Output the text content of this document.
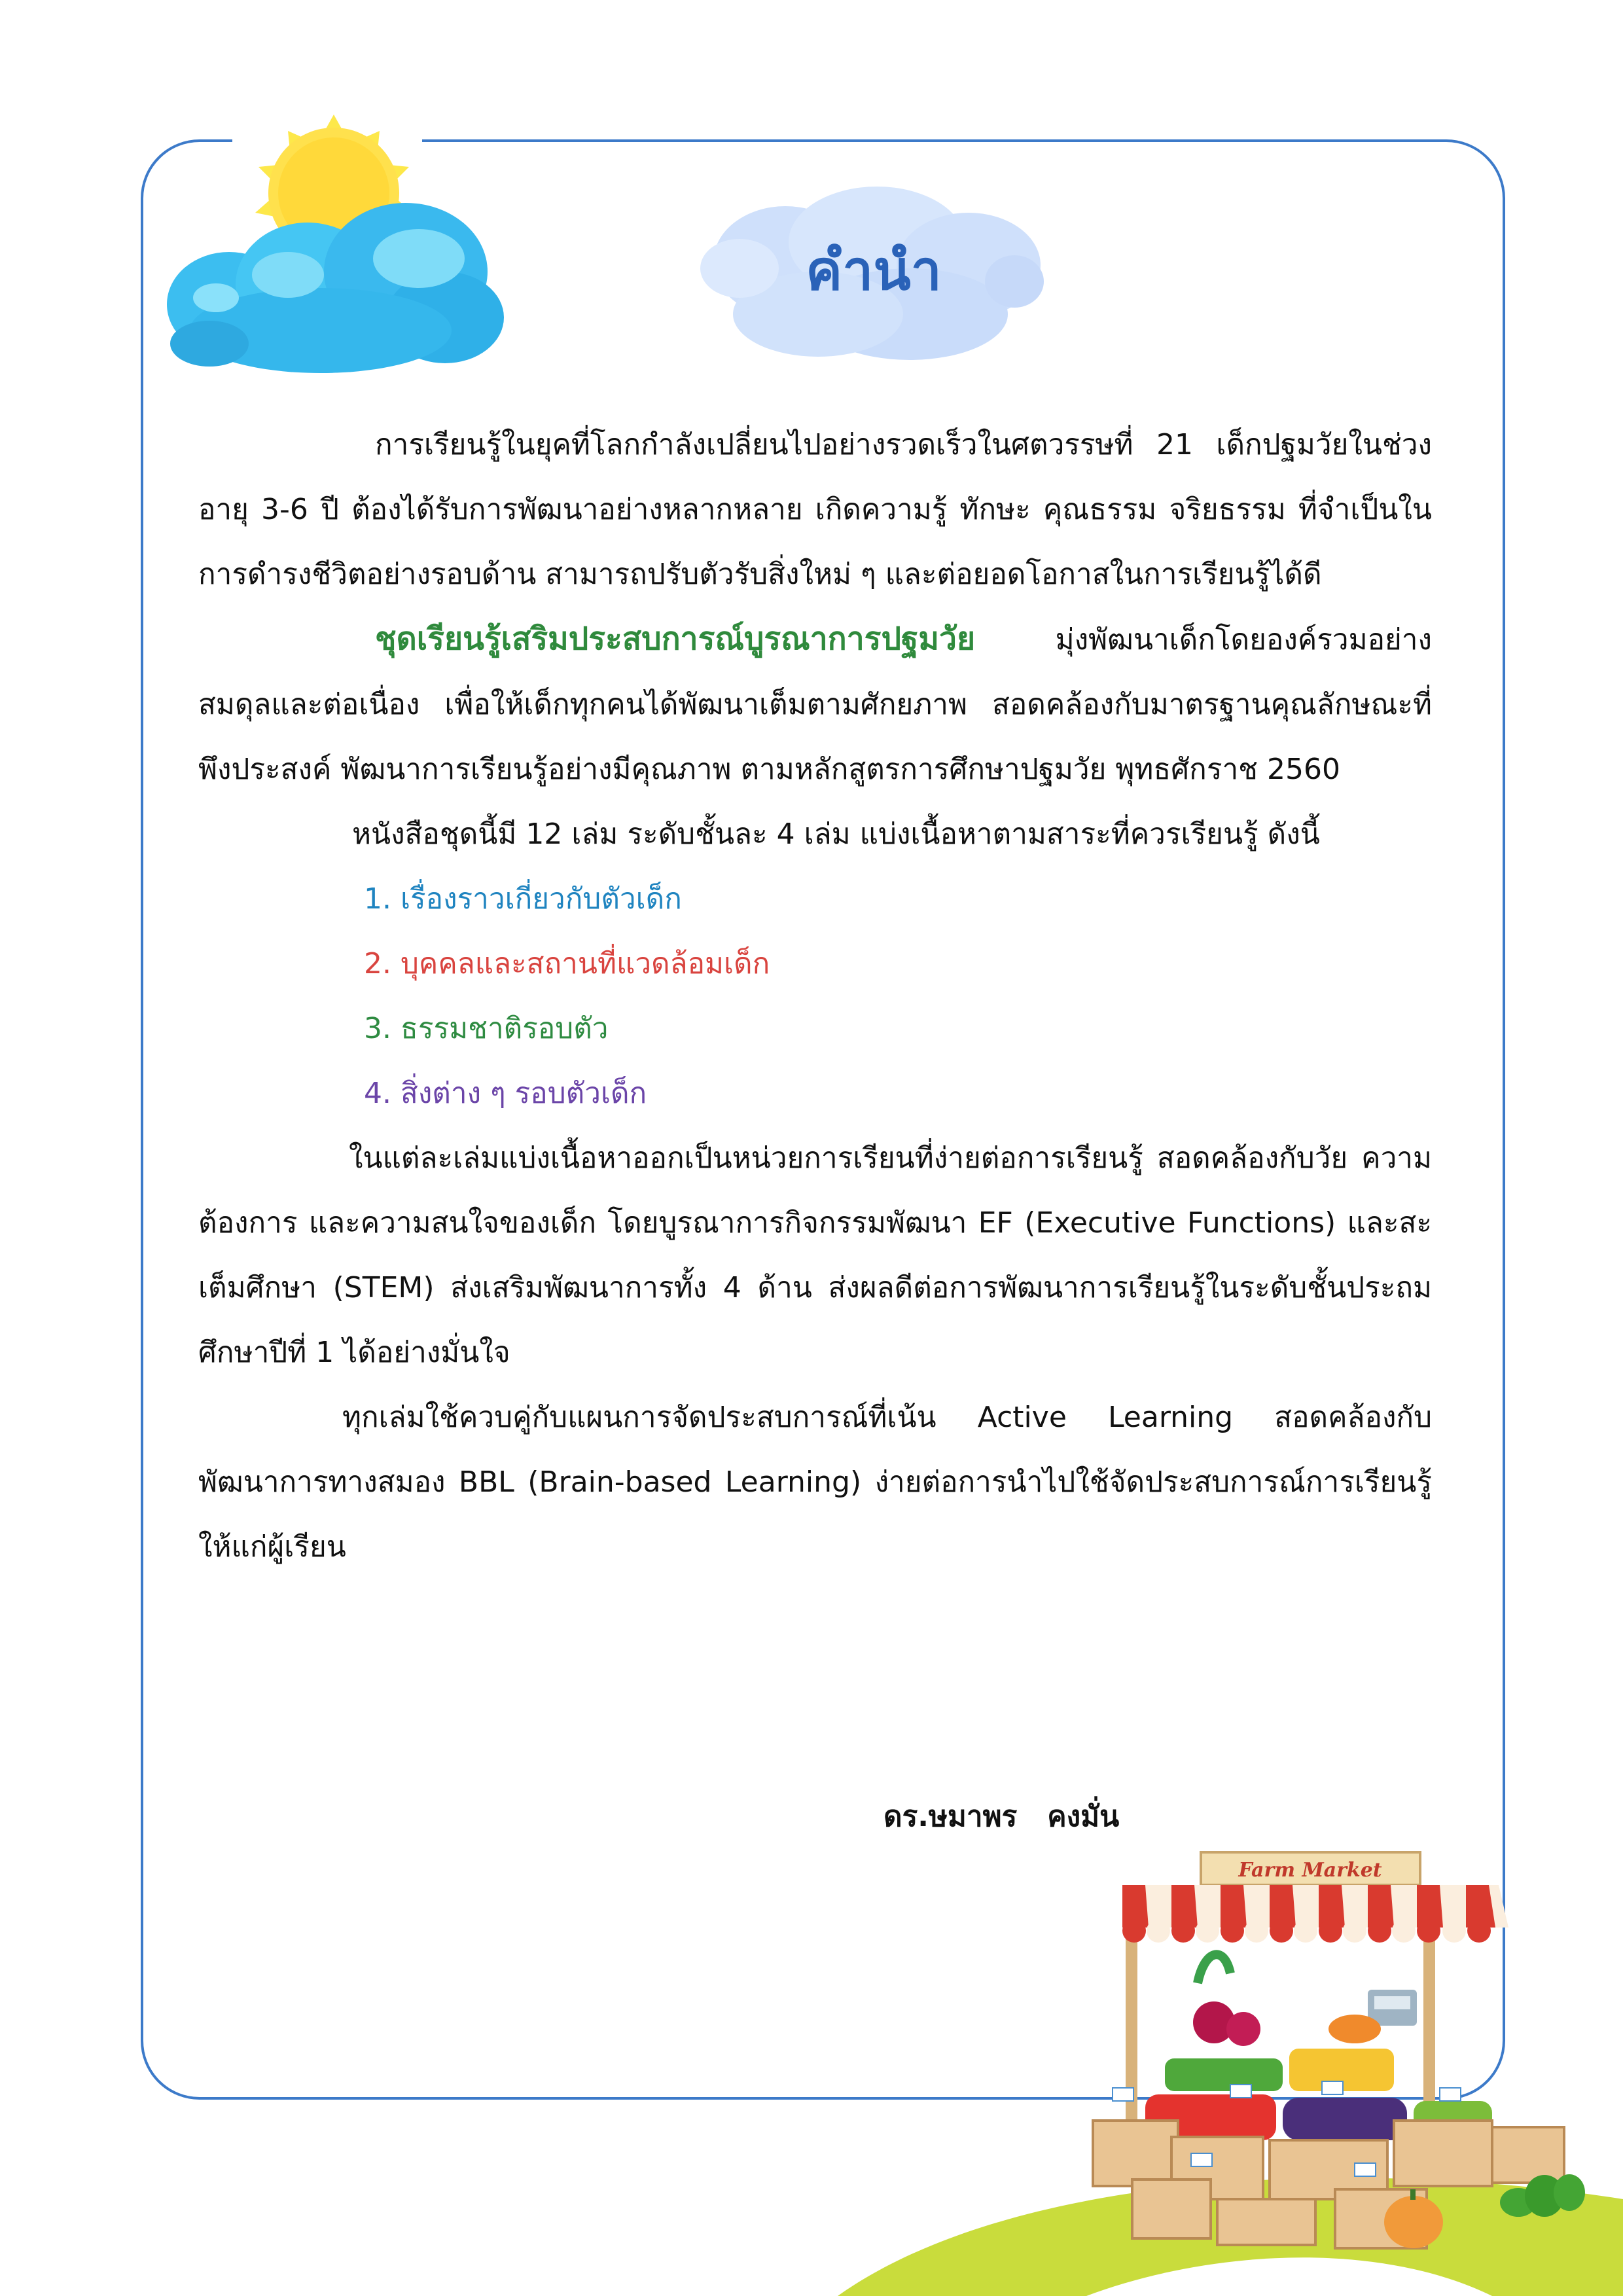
คำนำ

การเรียนรู้ในยุคที่โลกกำลังเปลี่ยนไปอย่างรวดเร็วในศตวรรษที่ 21 เด็กปฐมวัยในช่วงอายุ 3-6 ปี ต้องได้รับการพัฒนาอย่างหลากหลาย เกิดความรู้ ทักษะ คุณธรรม จริยธรรม ที่จำเป็นในการดำรงชีวิตอย่างรอบด้าน สามารถปรับตัวรับสิ่งใหม่ ๆ และต่อยอดโอกาสในการเรียนรู้ได้ดี

ชุดเรียนรู้เสริมประสบการณ์บูรณาการปฐมวัย มุ่งพัฒนาเด็กโดยองค์รวมอย่างสมดุลและต่อเนื่อง เพื่อให้เด็กทุกคนได้พัฒนาเต็มตามศักยภาพ สอดคล้องกับมาตรฐานคุณลักษณะที่พึงประสงค์ พัฒนาการเรียนรู้อย่างมีคุณภาพ ตามหลักสูตรการศึกษาปฐมวัย พุทธศักราช 2560

หนังสือชุดนี้มี 12 เล่ม ระดับชั้นละ 4 เล่ม แบ่งเนื้อหาตามสาระที่ควรเรียนรู้ ดังนี้

1. เรื่องราวเกี่ยวกับตัวเด็ก
2. บุคคลและสถานที่แวดล้อมเด็ก
3. ธรรมชาติรอบตัว
4. สิ่งต่าง ๆ รอบตัวเด็ก

ในแต่ละเล่มแบ่งเนื้อหาออกเป็นหน่วยการเรียนที่ง่ายต่อการเรียนรู้ สอดคล้องกับวัย ความต้องการ และความสนใจของเด็ก โดยบูรณาการกิจกรรมพัฒนา EF (Executive Functions) และสะเต็มศึกษา (STEM) ส่งเสริมพัฒนาการทั้ง 4 ด้าน ส่งผลดีต่อการพัฒนาการเรียนรู้ในระดับชั้นประถมศึกษาปีที่ 1 ได้อย่างมั่นใจ

ทุกเล่มใช้ควบคู่กับแผนการจัดประสบการณ์ที่เน้น Active Learning สอดคล้องกับพัฒนาการทางสมอง BBL (Brain-based Learning) ง่ายต่อการนำไปใช้จัดประสบการณ์การเรียนรู้ให้แก่ผู้เรียน

ดร.ษมาพร   คงมั่น
Farm Market
